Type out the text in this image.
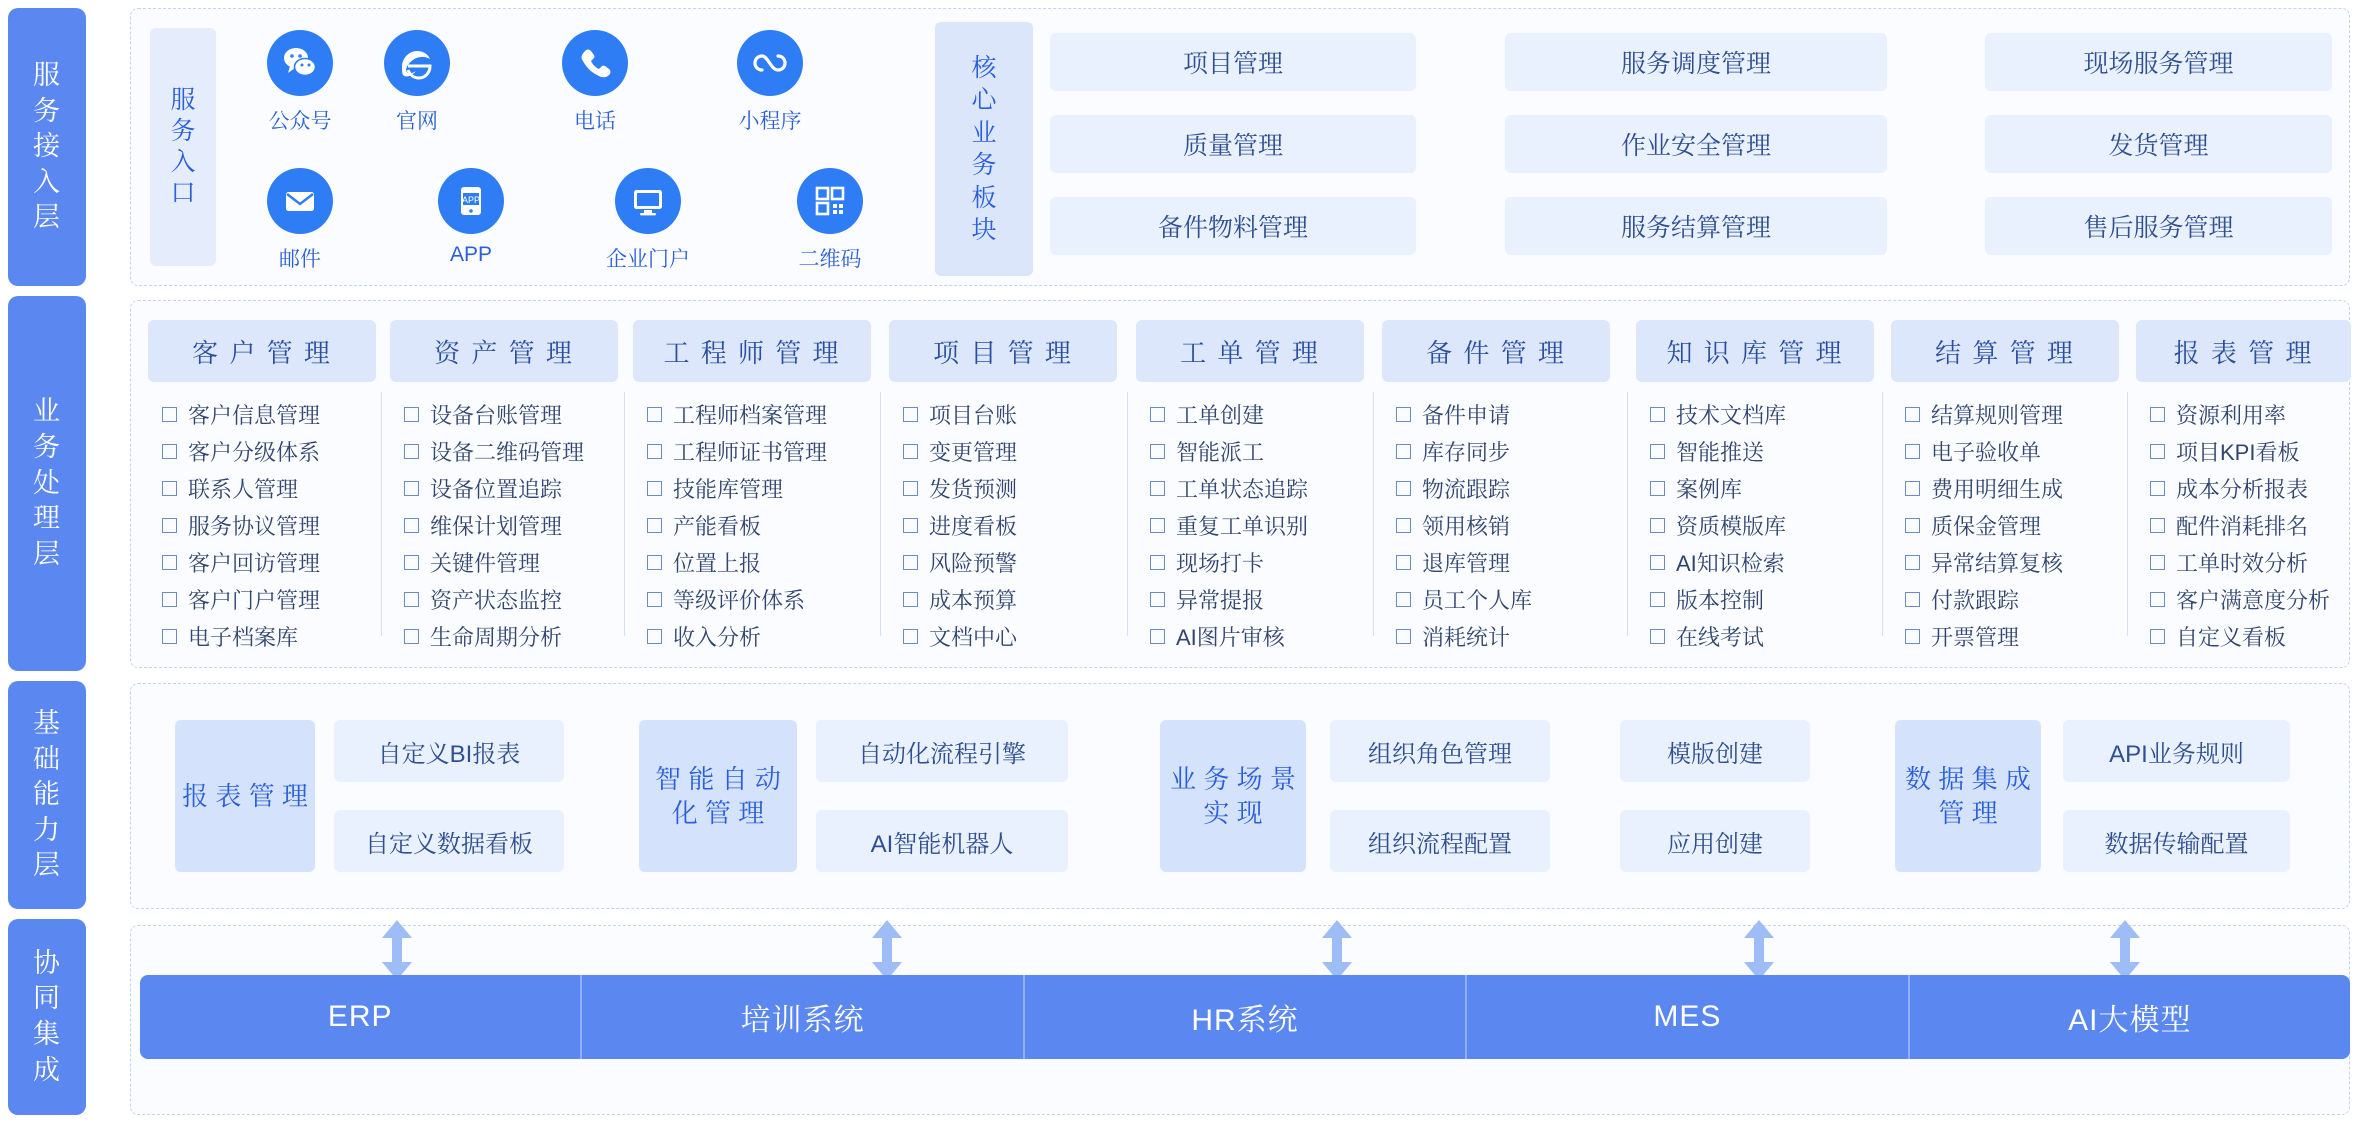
服
务
接
入
层
业
务
处
理
层
基
础
能
力
层
协
同
集
成
服
务
入
口
公众号	官网	电话	小程序
邮件
APP
APP	企业门户	二维码
核
心
业
务
板
块
项目管理	服务调度管理	现场服务管理
质量管理	作业安全管理	发货管理
备件物料管理	服务结算管理	售后服务管理
客 户 管 理
客户信息管理
客户分级体系
联系人管理
服务协议管理
客户回访管理
客户门户管理
电子档案库
资 产 管 理
设备台账管理
设备二维码管理
设备位置追踪
维保计划管理
关键件管理
资产状态监控
生命周期分析
工 程 师 管 理
工程师档案管理
工程师证书管理
技能库管理
产能看板
位置上报
等级评价体系
收入分析
项 目 管 理
项目台账
变更管理
发货预测
进度看板
风险预警
成本预算
文档中心
工 单 管 理
工单创建
智能派工
工单状态追踪
重复工单识别
现场打卡
异常提报
AI图片审核
备 件 管 理
备件申请
库存同步
物流跟踪
领用核销
退库管理
员工个人库
消耗统计
知 识 库 管 理
技术文档库
智能推送
案例库
资质模版库
AI知识检索
版本控制
在线考试
结 算 管 理
结算规则管理
电子验收单
费用明细生成
质保金管理
异常结算复核
付款跟踪
开票管理
报 表 管 理
资源利用率
项目KPI看板
成本分析报表
配件消耗排名
工单时效分析
客户满意度分析
自定义看板
报 表 管 理
自定义BI报表
自定义数据看板
智 能 自 动 化 管 理
自动化流程引擎
AI智能机器人
业 务 场 景 实 现
组织角色管理
组织流程配置
模版创建
应用创建
数 据 集 成 管 理
API业务规则
数据传输配置
ERP	培训系统	HR系统	MES	AI大模型
